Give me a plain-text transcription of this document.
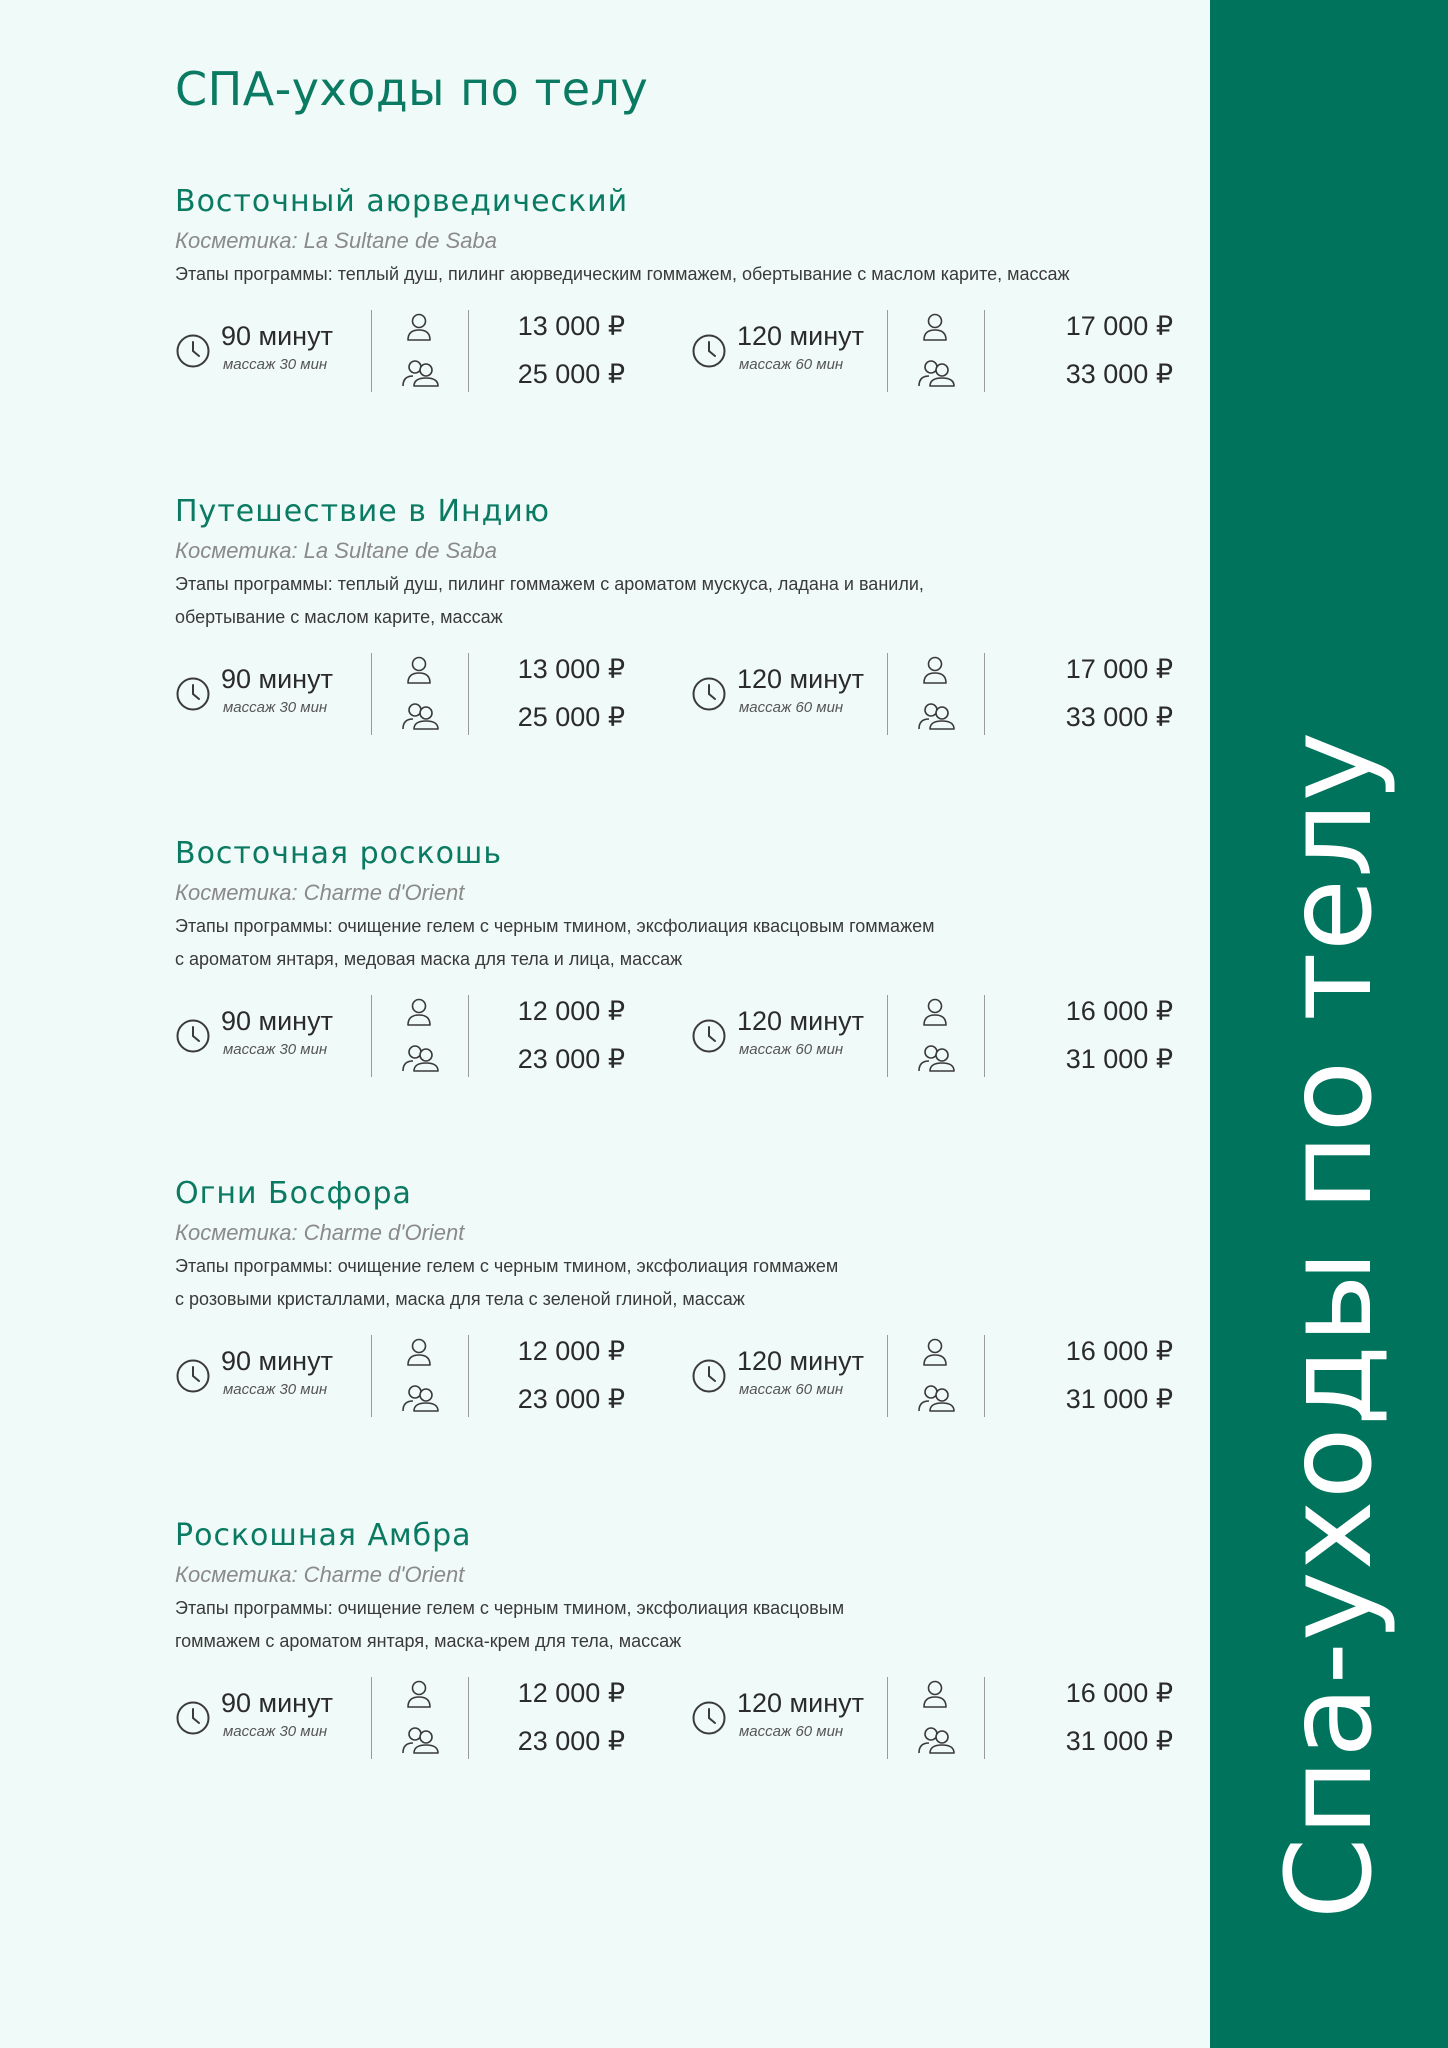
СПА-уходы по телу
Спа-уходы по телу
Восточный аюрведический
Косметика: La Sultane de Saba
Этапы программы: теплый душ, пилинг аюрведическим гоммажем, обертывание с маслом карите, массаж
90 минут
массаж 30 мин
13 000 ₽
25 000 ₽
120 минут
массаж 60 мин
17 000 ₽
33 000 ₽
Путешествие в Индию
Косметика: La Sultane de Saba
Этапы программы: теплый душ, пилинг гоммажем с ароматом мускуса, ладана и ванили,
обертывание с маслом карите, массаж
90 минут
массаж 30 мин
13 000 ₽
25 000 ₽
120 минут
массаж 60 мин
17 000 ₽
33 000 ₽
Восточная роскошь
Косметика: Charme d'Orient
Этапы программы: очищение гелем с черным тмином, эксфолиация квасцовым гоммажем
с ароматом янтаря, медовая маска для тела и лица, массаж
90 минут
массаж 30 мин
12 000 ₽
23 000 ₽
120 минут
массаж 60 мин
16 000 ₽
31 000 ₽
Огни Босфора
Косметика: Charme d'Orient
Этапы программы: очищение гелем с черным тмином, эксфолиация гоммажем
с розовыми кристаллами, маска для тела с зеленой глиной, массаж
90 минут
массаж 30 мин
12 000 ₽
23 000 ₽
120 минут
массаж 60 мин
16 000 ₽
31 000 ₽
Роскошная Амбра
Косметика: Charme d'Orient
Этапы программы: очищение гелем с черным тмином, эксфолиация квасцовым
гоммажем с ароматом янтаря, маска-крем для тела, массаж
90 минут
массаж 30 мин
12 000 ₽
23 000 ₽
120 минут
массаж 60 мин
16 000 ₽
31 000 ₽
